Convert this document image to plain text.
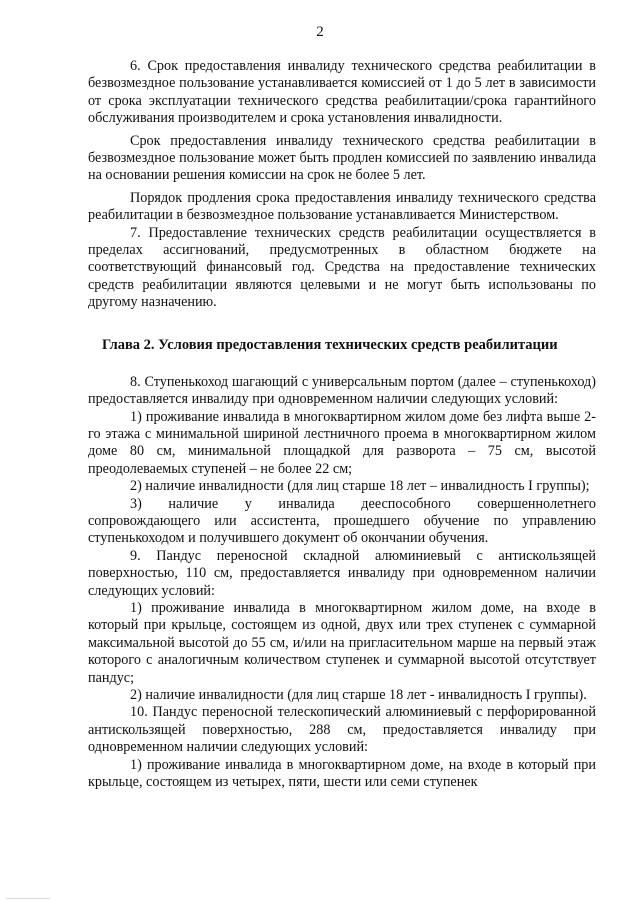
2

6. Срок предоставления инвалиду технического средства реабилитации в безвозмездное пользование устанавливается комиссией от 1 до 5 лет в зависимости от срока эксплуатации технического средства реабилитации/срока гарантийного обслуживания производителем и срока установления инвалидности.

Срок предоставления инвалиду технического средства реабилитации в безвозмездное пользование может быть продлен комиссией по заявлению инвалида на основании решения комиссии на срок не более 5 лет.

Порядок продления срока предоставления инвалиду технического средства реабилитации в безвозмездное пользование устанавливается Министерством.

7. Предоставление технических средств реабилитации осуществляется в пределах ассигнований, предусмотренных в областном бюджете на соответствующий финансовый год. Средства на предоставление технических средств реабилитации являются целевыми и не могут быть использованы по другому назначению.

Глава 2. Условия предоставления технических средств реабилитации

8. Ступенькоход шагающий с универсальным портом (далее – ступенькоход) предоставляется инвалиду при одновременном наличии следующих условий:

1) проживание инвалида в многоквартирном жилом доме без лифта выше 2-го этажа с минимальной шириной лестничного проема в многоквартирном жилом доме 80 см, минимальной площадкой для разворота – 75 см, высотой преодолеваемых ступеней – не более 22 см;

2) наличие инвалидности (для лиц старше 18 лет – инвалидность I группы);

3) наличие у инвалида дееспособного совершеннолетнего сопровождающего или ассистента, прошедшего обучение по управлению ступенькоходом и получившего документ об окончании обучения.

9. Пандус переносной складной алюминиевый с антискользящей поверхностью, 110 см, предоставляется инвалиду при одновременном наличии следующих условий:

1) проживание инвалида в многоквартирном жилом доме, на входе в который при крыльце, состоящем из одной, двух или трех ступенек с суммарной максимальной высотой до 55 см, и/или на пригласительном марше на первый этаж которого с аналогичным количеством ступенек и суммарной высотой отсутствует пандус;

2) наличие инвалидности (для лиц старше 18 лет - инвалидность I группы).

10. Пандус переносной телескопический алюминиевый с перфорированной антискользящей поверхностью, 288 см, предоставляется инвалиду при одновременном наличии следующих условий:

1) проживание инвалида в многоквартирном доме, на входе в который при крыльце, состоящем из четырех, пяти, шести или семи ступенек
